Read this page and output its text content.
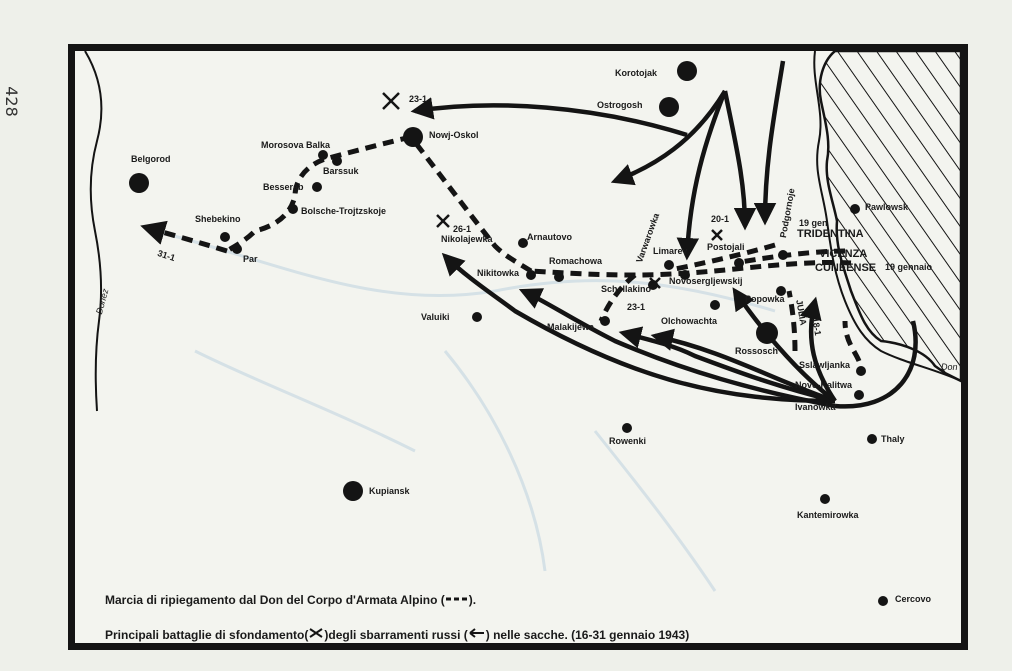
428
Korotojak
Ostrogosh
Nowj-Oskol
Belgorod
Morosova Balka
Barssuk
Besserab
Bolsche-Trojtzskoje
Shebekino
Par
Nikolajewka	Arnautovo
Nikitowka
Romachowa	Varwarowka
Limarev Postojali
Podgornoje	Pawlowsk
Schellakino
Novosergljewskij
Olchowachta
Popowka
Malakijewa
Rossosch
Sslawljanka
Novo-Kalitwa
Ivanowka
Valuiki
Rowenki	Thaly
Kupiansk
Kantemirowka
Cercovo
Donez
Don
23-1
26-1
31-1
20-1	19 gen
23-1
18-1
19 gennaio
TRIDENTINA
VICENZA
CUNEENSE
JULIA
Marcia di ripiegamento dal Don del Corpo d'Armata Alpino ( ).
Principali battaglie di sfondamento( )degli sbarramenti russi ( ) nelle sacche. (16-31 gennaio 1943)
